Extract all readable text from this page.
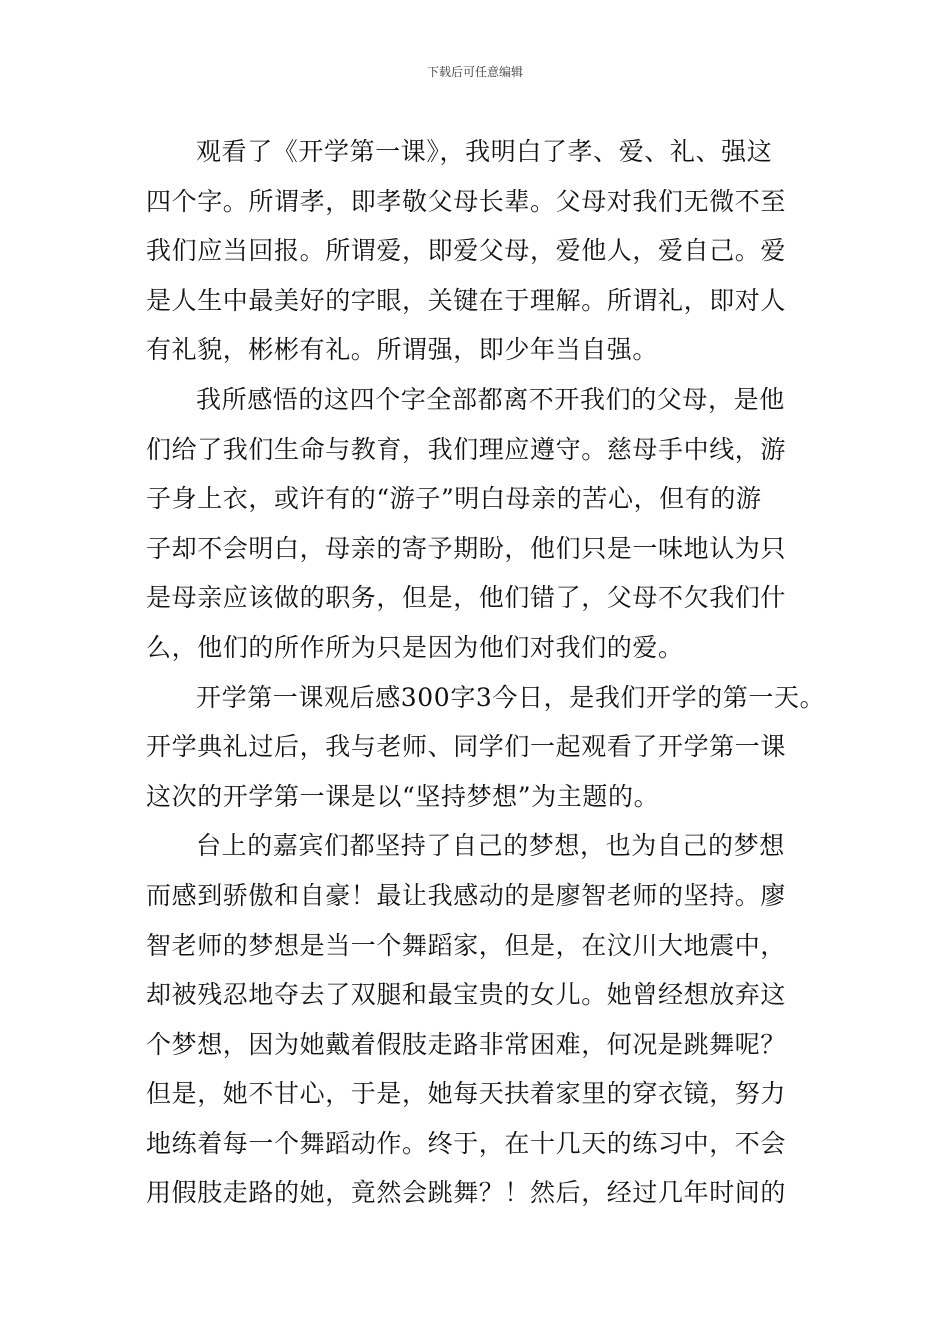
下载后可任意编辑
观看了《开学第一课》，我明白了孝、爱、礼、强这
四个字。所谓孝，即孝敬父母长辈。父母对我们无微不至
我们应当回报。所谓爱，即爱父母，爱他人，爱自己。爱
是人生中最美好的字眼，关键在于理解。所谓礼，即对人
有礼貌，彬彬有礼。所谓强，即少年当自强。
我所感悟的这四个字全部都离不开我们的父母，是他
们给了我们生命与教育，我们理应遵守。慈母手中线，游
子身上衣，或许有的“游子”明白母亲的苦心，但有的游
子却不会明白，母亲的寄予期盼，他们只是一味地认为只
是母亲应该做的职务，但是，他们错了，父母不欠我们什
么，他们的所作所为只是因为他们对我们的爱。
开学第一课观后感300字3今日，是我们开学的第一天。
开学典礼过后，我与老师、同学们一起观看了开学第一课
这次的开学第一课是以“坚持梦想”为主题的。
台上的嘉宾们都坚持了自己的梦想，也为自己的梦想
而感到骄傲和自豪！最让我感动的是廖智老师的坚持。廖
智老师的梦想是当一个舞蹈家，但是，在汶川大地震中，
却被残忍地夺去了双腿和最宝贵的女儿。她曾经想放弃这
个梦想，因为她戴着假肢走路非常困难，何况是跳舞呢？
但是，她不甘心，于是，她每天扶着家里的穿衣镜，努力
地练着每一个舞蹈动作。终于，在十几天的练习中，不会
用假肢走路的她，竟然会跳舞？！然后，经过几年时间的
